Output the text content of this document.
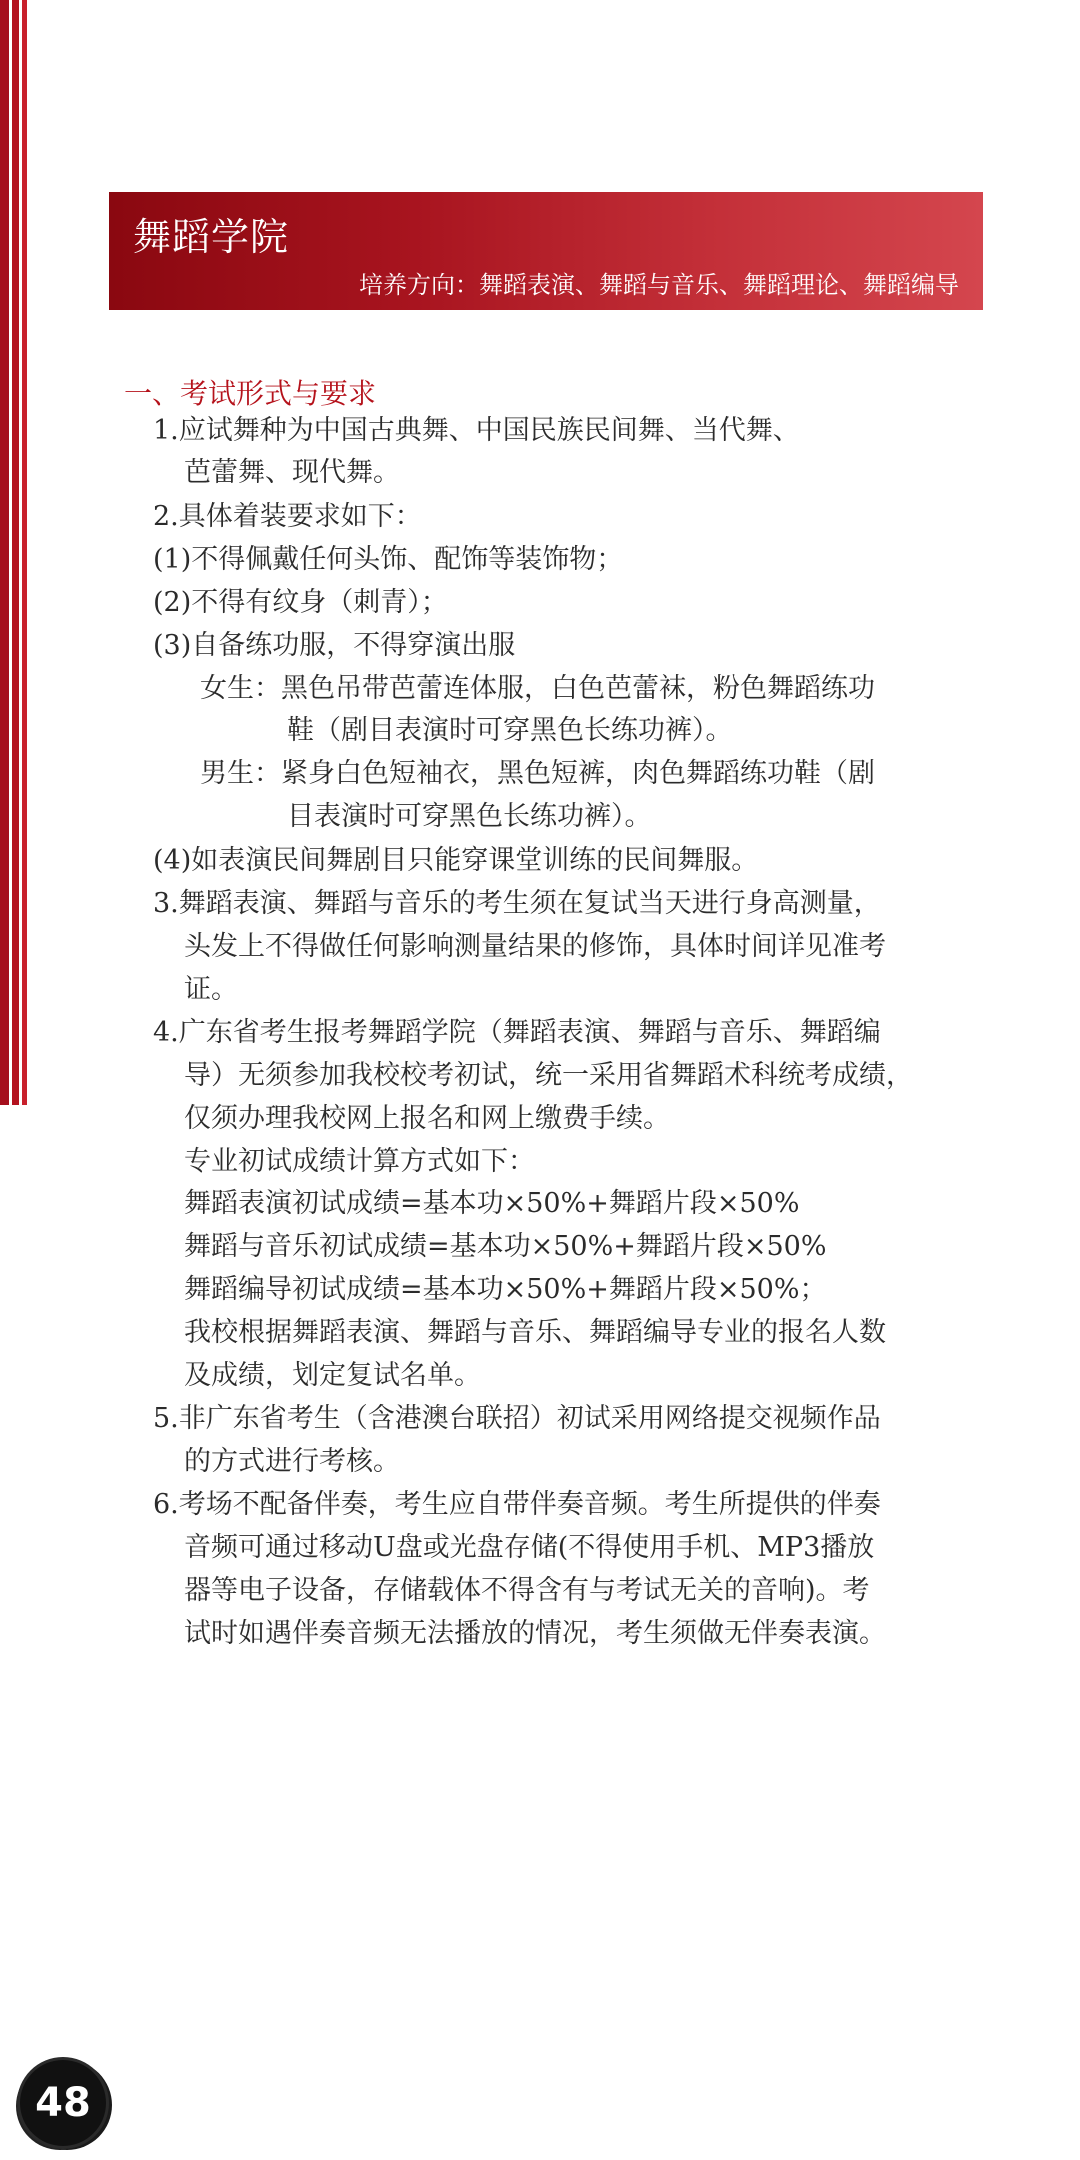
舞蹈学院
培养方向：舞蹈表演、舞蹈与音乐、舞蹈理论、舞蹈编导
一、考试形式与要求
1.应试舞种为中国古典舞、中国民族民间舞、当代舞、
芭蕾舞、现代舞。
2.具体着装要求如下：
(1)不得佩戴任何头饰、配饰等装饰物；
(2)不得有纹身（刺青）；
(3)自备练功服，不得穿演出服
女生：黑色吊带芭蕾连体服，白色芭蕾袜，粉色舞蹈练功
鞋（剧目表演时可穿黑色长练功裤）。
男生：紧身白色短袖衣，黑色短裤，肉色舞蹈练功鞋（剧
目表演时可穿黑色长练功裤）。
(4)如表演民间舞剧目只能穿课堂训练的民间舞服。
3.舞蹈表演、舞蹈与音乐的考生须在复试当天进行身高测量，
头发上不得做任何影响测量结果的修饰，具体时间详见准考
证。
4.广东省考生报考舞蹈学院（舞蹈表演、舞蹈与音乐、舞蹈编
导）无须参加我校校考初试，统一采用省舞蹈术科统考成绩，
仅须办理我校网上报名和网上缴费手续。
专业初试成绩计算方式如下：
舞蹈表演初试成绩=基本功×50%+舞蹈片段×50%
舞蹈与音乐初试成绩=基本功×50%+舞蹈片段×50%
舞蹈编导初试成绩=基本功×50%+舞蹈片段×50%；
我校根据舞蹈表演、舞蹈与音乐、舞蹈编导专业的报名人数
及成绩，划定复试名单。
5.非广东省考生（含港澳台联招）初试采用网络提交视频作品
的方式进行考核。
6.考场不配备伴奏，考生应自带伴奏音频。考生所提供的伴奏
音频可通过移动U盘或光盘存储(不得使用手机、MP3播放
器等电子设备，存储载体不得含有与考试无关的音响)。考
试时如遇伴奏音频无法播放的情况，考生须做无伴奏表演。
48
